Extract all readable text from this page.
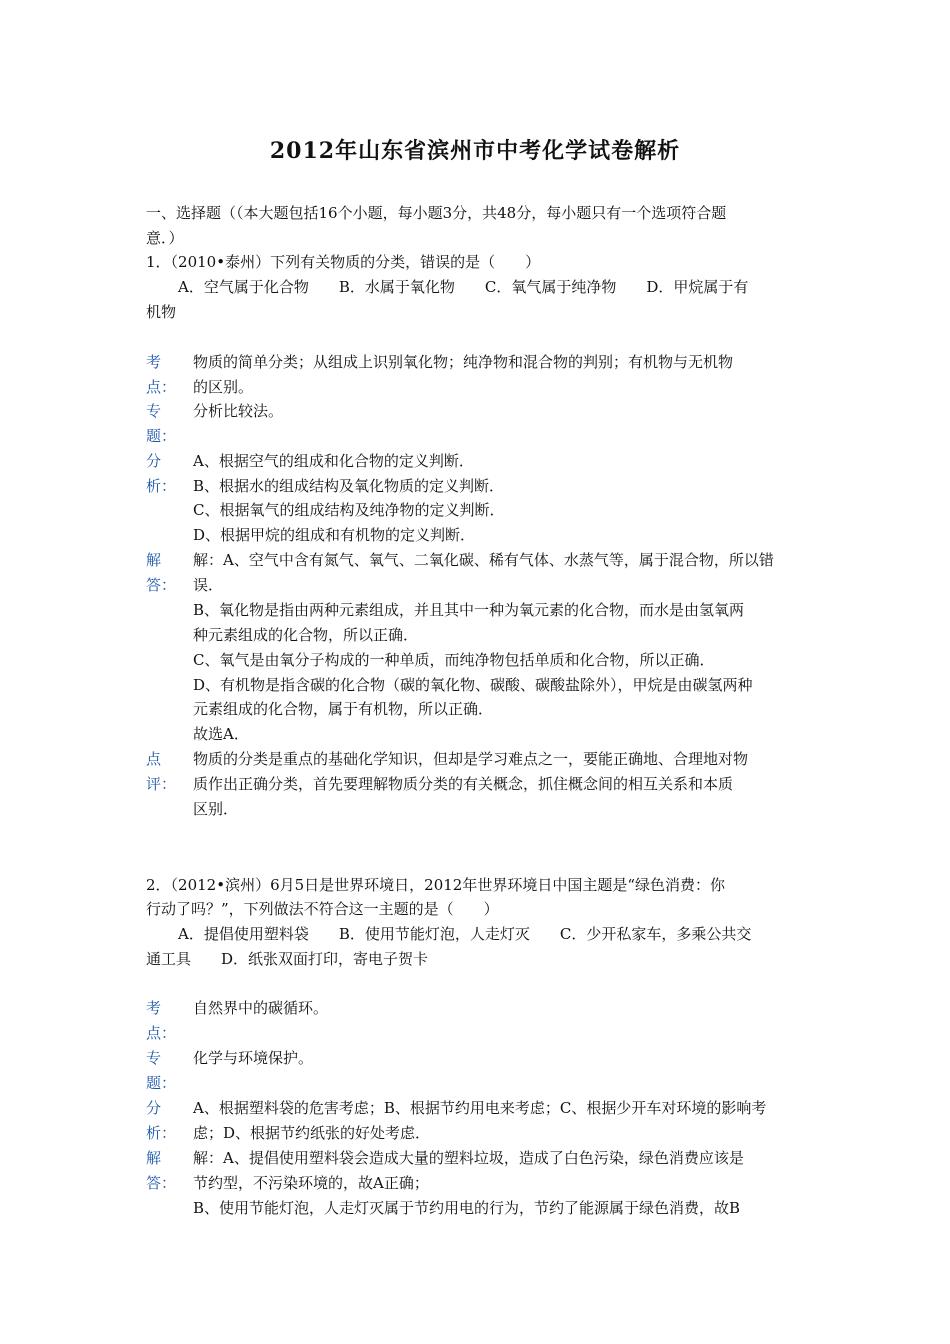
2012年山东省滨州市中考化学试卷解析
一、选择题（（本大题包括16个小题，每小题3分，共48分，每小题只有一个选项符合题
意．）
1．（2010•泰州）下列有关物质的分类，错误的是（　　）
A．空气属于化合物　　B．水属于氧化物　　C．氧气属于纯净物　　D．甲烷属于有
机物
考
点：
物质的简单分类；从组成上识别氧化物；纯净物和混合物的判别；有机物与无机物
的区别。
专
题：
分析比较法。
分
析：
A、根据空气的组成和化合物的定义判断．
B、根据水的组成结构及氧化物质的定义判断．
C、根据氧气的组成结构及纯净物的定义判断．
D、根据甲烷的组成和有机物的定义判断．
解
答：
解：A、空气中含有氮气、氧气、二氧化碳、稀有气体、水蒸气等，属于混合物，所以错
误．
B、氧化物是指由两种元素组成，并且其中一种为氧元素的化合物，而水是由氢氧两
种元素组成的化合物，所以正确．
C、氧气是由氧分子构成的一种单质，而纯净物包括单质和化合物，所以正确．
D、有机物是指含碳的化合物（碳的氧化物、碳酸、碳酸盐除外），甲烷是由碳氢两种
元素组成的化合物，属于有机物，所以正确．
故选A．
点
评：
物质的分类是重点的基础化学知识，但却是学习难点之一，要能正确地、合理地对物
质作出正确分类，首先要理解物质分类的有关概念，抓住概念间的相互关系和本质
区别．
2．（2012•滨州）6月5日是世界环境日，2012年世界环境日中国主题是“绿色消费：你
行动了吗？”，下列做法不符合这一主题的是（　　）
A．提倡使用塑料袋　　B．使用节能灯泡，人走灯灭　　C．少开私家车，多乘公共交
通工具　　D．纸张双面打印，寄电子贺卡
考
点：
自然界中的碳循环。
专
题：
化学与环境保护。
分
析：
A、根据塑料袋的危害考虑；B、根据节约用电来考虑；C、根据少开车对环境的影响考
虑；D、根据节约纸张的好处考虑．
解
答：
解：A、提倡使用塑料袋会造成大量的塑料垃圾，造成了白色污染，绿色消费应该是
节约型，不污染环境的，故A正确；
B、使用节能灯泡，人走灯灭属于节约用电的行为，节约了能源属于绿色消费，故B
